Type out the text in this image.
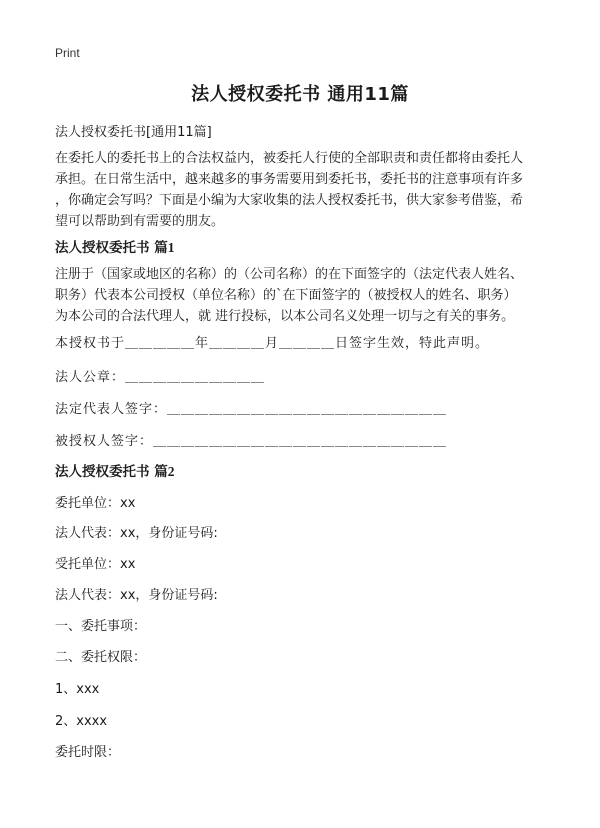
Print
法人授权委托书 通用11篇
法人授权委托书[通用11篇]
在委托人的委托书上的合法权益内，被委托人行使的全部职责和责任都将由委托人
承担。在日常生活中，越来越多的事务需要用到委托书，委托书的注意事项有许多
，你确定会写吗？下面是小编为大家收集的法人授权委托书，供大家参考借鉴，希
望可以帮助到有需要的朋友。
法人授权委托书 篇1
注册于（国家或地区的名称）的（公司名称）的在下面签字的（法定代表人姓名、
职务）代表本公司授权（单位名称）的`在下面签字的（被授权人的姓名、职务）
为本公司的合法代理人，就 进行投标，以本公司名义处理一切与之有关的事务。
本授权书于＿＿＿＿＿年＿＿＿＿月＿＿＿＿日签字生效，特此声明。
法人公章：＿＿＿＿＿＿＿＿＿＿
法定代表人签字：＿＿＿＿＿＿＿＿＿＿＿＿＿＿＿＿＿＿＿＿
被授权人签字：＿＿＿＿＿＿＿＿＿＿＿＿＿＿＿＿＿＿＿＿＿
法人授权委托书 篇2
委托单位：xx
法人代表：xx，身份证号码:
受托单位：xx
法人代表：xx，身份证号码:
一、委托事项：
二、委托权限：
1、xxx
2、xxxx
委托时限：
